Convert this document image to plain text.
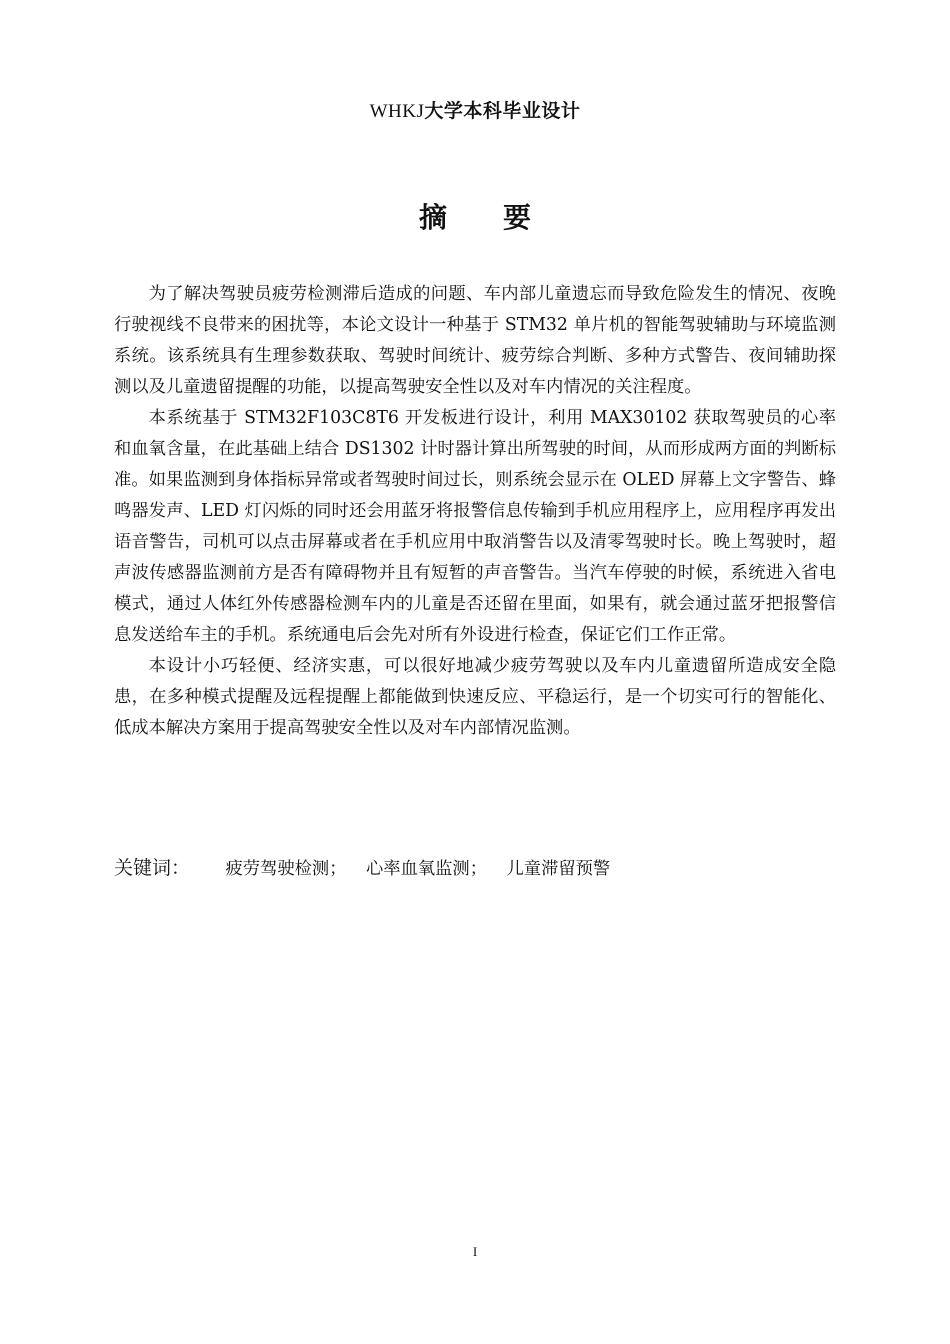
WHKJ大学本科毕业设计
摘要

为了解决驾驶员疲劳检测滞后造成的问题、车内部儿童遗忘而导致危险发生的情况、夜晚行驶视线不良带来的困扰等，本论文设计一种基于 STM32 单片机的智能驾驶辅助与环境监测系统。该系统具有生理参数获取、驾驶时间统计、疲劳综合判断、多种方式警告、夜间辅助探测以及儿童遗留提醒的功能，以提高驾驶安全性以及对车内情况的关注程度。

本系统基于 STM32F103C8T6 开发板进行设计，利用 MAX30102 获取驾驶员的心率和血氧含量，在此基础上结合 DS1302 计时器计算出所驾驶的时间，从而形成两方面的判断标准。如果监测到身体指标异常或者驾驶时间过长，则系统会显示在 OLED 屏幕上文字警告、蜂鸣器发声、LED 灯闪烁的同时还会用蓝牙将报警信息传输到手机应用程序上，应用程序再发出语音警告，司机可以点击屏幕或者在手机应用中取消警告以及清零驾驶时长。晚上驾驶时，超声波传感器监测前方是否有障碍物并且有短暂的声音警告。当汽车停驶的时候，系统进入省电模式，通过人体红外传感器检测车内的儿童是否还留在里面，如果有，就会通过蓝牙把报警信息发送给车主的手机。系统通电后会先对所有外设进行检查，保证它们工作正常。

本设计小巧轻便、经济实惠，可以很好地减少疲劳驾驶以及车内儿童遗留所造成安全隐患，在多种模式提醒及远程提醒上都能做到快速反应、平稳运行，是一个切实可行的智能化、低成本解决方案用于提高驾驶安全性以及对车内部情况监测。

关键词： 疲劳驾驶检测； 心率血氧监测； 儿童滞留预警
I
